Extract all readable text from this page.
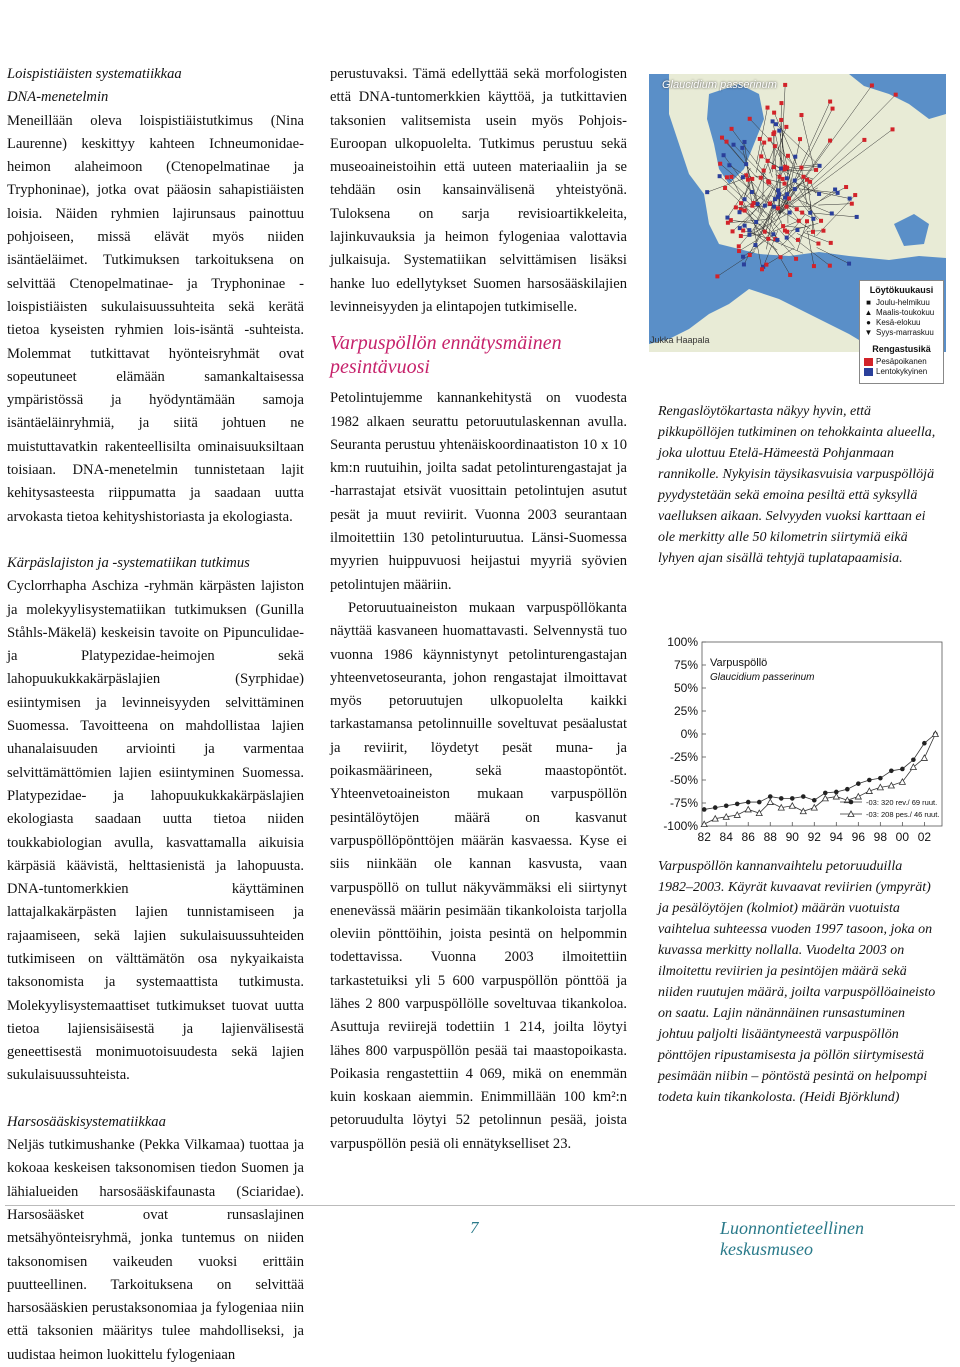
Loispistiäisten systematiikkaa

DNA-menetelmin

Meneillään oleva loispistiäistutkimus (Nina Laurenne) keskittyy kahteen Ichneumonidae-heimon alaheimoon (Ctenopelmatinae ja Tryphoninae), jotka ovat pääosin sahapistiäisten loisia. Näiden ryhmien lajirunsaus painottuu pohjoiseen, missä elävät myös niiden isäntäeläimet. Tutkimuksen tarkoituksena on selvittää Ctenopelmatinae- ja Tryphoninae -loispistiäisten sukulaisuussuhteita sekä kerätä tietoa kyseisten ryhmien lois-isäntä -suhteista. Molemmat tutkittavat hyönteisryhmät ovat sopeutuneet elämään samankaltaisessa ympäristössä ja hyödyntämään samoja isäntäeläinryhmiä, ja siitä johtuen ne muistuttavatkin rakenteellisilta ominaisuuksiltaan toisiaan. DNA-menetelmin tunnistetaan lajit kehitysasteesta riippumatta ja saadaan uutta arvokasta tietoa kehityshistoriasta ja ekologiasta.

Kärpäslajiston ja -systematiikan tutkimus

Cyclorrhapha Aschiza -ryhmän kärpästen lajiston ja molekyylisystematiikan tutkimuksen (Gunilla Ståhls-Mäkelä) keskeisin tavoite on Pipunculidae- ja Platypezidae-heimojen sekä lahopuukukkakärpäslajien (Syrphidae) esiintymisen ja levinneisyyden selvittäminen Suomessa. Tavoitteena on mahdollistaa lajien uhanalaisuuden arviointi ja varmentaa selvittämättömien lajien esiintyminen Suomessa. Platypezidae- ja lahopuukukkakärpäslajien ekologiasta saadaan uutta tietoa niiden toukkabiologian avulla, kasvattamalla aikuisia kärpäsiä käävistä, helttasienistä ja lahopuusta. DNA-tuntomerkkien käyttäminen lattajalkakärpästen lajien tunnistamiseen ja rajaamiseen, sekä lajien sukulaisuussuhteiden tutkimiseen on välttämätön osa nykyaikaista taksonomista ja systemaattista tutkimusta. Molekyylisystemaattiset tutkimukset tuovat uutta tietoa lajiensisäisestä ja lajienvälisestä geneettisestä monimuotoisuudesta sekä lajien sukulaisuussuhteista.

Harsosääskisystematiikkaa

Neljäs tutkimushanke (Pekka Vilkamaa) tuottaa ja kokoaa keskeisen taksonomisen tiedon Suomen ja lähialueiden harsosääskifaunasta (Sciaridae). Harsosääsket ovat runsaslajinen metsähyönteisryhmä, jonka tuntemus on niiden taksonomisen vaikeuden vuoksi erittäin puutteellinen. Tarkoituksena on selvittää harsosääskien perustaksonomiaa ja fylogeniaa niin että taksonien määritys tulee mahdolliseksi, ja uudistaa heimon luokittelu fylogeniaan

perustuvaksi. Tämä edellyttää sekä morfologisten että DNA-tuntomerkkien käyttöä, ja tutkittavien taksonien valitsemista usein myös Pohjois-Euroopan ulkopuolelta. Tutkimus perustuu sekä museoaineistoihin että uuteen materiaaliin ja se tehdään osin kansainvälisenä yhteistyönä. Tuloksena on sarja revisioartikkeleita, lajinkuvauksia ja heimon fylogeniaa valottavia julkaisuja. Systematiikan selvittämisen lisäksi hanke luo edellytykset Suomen harsosääskilajien levinneisyyden ja elintapojen tutkimiselle.

Varpuspöllön ennätysmäinen pesintävuosi

Petolintujemme kannankehitystä on vuodesta 1982 alkaen seurattu petoruutulaskennan avulla. Seuranta perustuu yhtenäiskoordinaatiston 10 x 10 km:n ruutuihin, joilta sadat petolinturengastajat ja -harrastajat etsivät vuosittain petolintujen asutut pesät ja muut reviirit. Vuonna 2003 seurantaan ilmoitettiin 130 petolinturuutua. Länsi-Suomessa myyrien huippuvuosi heijastui myyriä syövien petolintujen määriin.

Petoruutuaineiston mukaan varpuspöllökanta näyttää kasvaneen huomattavasti. Selvennystä tuo vuonna 1986 käynnistynyt petolinturengastajan yhteenvetoseuranta, johon rengastajat ilmoittavat myös petoruutujen ulkopuolelta kaikki tarkastamansa petolinnuille soveltuvat pesäalustat ja reviirit, löydetyt pesät muna- ja poikasmäärineen, sekä maastopöntöt. Yhteenvetoaineiston mukaan varpuspöllön pesintälöytöjen määrä on kasvanut varpuspöllöpönttöjen määrän kasvaessa. Kyse ei siis niinkään ole kannan kasvusta, vaan varpuspöllö on tullut näkyvämmäksi eli siirtynyt enenevässä määrin pesimään tikankoloista tarjolla oleviin pönttöihin, joista pesintä on helpommin todettavissa. Vuonna 2003 ilmoitettiin tarkastetuiksi yli 5 600 varpuspöllön pönttöä ja lähes 2 800 varpuspöllölle soveltuvaa tikankoloa. Asuttuja reviirejä todettiin 1 214, joilta löytyi lähes 800 varpuspöllön pesää tai maastopoikasta. Poikasia rengastettiin 4 069, mikä on enemmän kuin koskaan aiemmin. Enimmillään 100 km²:n petoruudulta löytyi 52 petolinnun pesää, joista varpuspöllön pesiä oli ennätykselliset 23.

Glaucidium passerinum
Jukka Haapala
Löytökuukausi
■ Joulu-helmikuu
▲ Maalis-toukokuu
● Kesä-elokuu
▼ Syys-marraskuu
Rengastusikä
Pesäpoikanen
Lentokykyinen
Rengaslöytökartasta näkyy hyvin, että pikkupöllöjen tutkiminen on tehokkainta alueella, joka ulottuu Etelä-Hämeestä Pohjanmaan rannikolle. Nykyisin täysikasvuisia varpuspöllöjä pyydystetään sekä emoina pesiltä että syksyllä vaelluksen aikaan. Selvyyden vuoksi karttaan ei ole merkitty alle 50 kilometrin siirtymiä eikä lyhyen ajan sisällä tehtyjä tuplatapaamisia.
100%
75%
50%
25%
0%
-25%
-50%
-75%
-100%
82 84 86 88 90 92 94 96 98 00 02
Varpuspöllö
Glaucidium passerinum
-03: 320 rev./ 69 ruut.
-03: 208 pes./ 46 ruut.
Varpuspöllön kannanvaihtelu petoruuduilla 1982–2003. Käyrät kuvaavat reviirien (ympyrät) ja pesälöytöjen (kolmiot) määrän vuotuista vaihtelua suhteessa vuoden 1997 tasoon, joka on kuvassa merkitty nollalla. Vuodelta 2003 on ilmoitettu reviirien ja pesintöjen määrä sekä niiden ruutujen määrä, joilta varpuspöllöaineisto on saatu. Lajin nänännäinen runsastuminen johtuu paljolti lisääntyneestä varpuspöllön pönttöjen ripustamisesta ja pöllön siirtymisestä pesimään niibin – pöntöstä pesintä on helpompi todeta kuin tikankolosta. (Heidi Björklund)
7	Luonnontieteellinen keskusmuseo
